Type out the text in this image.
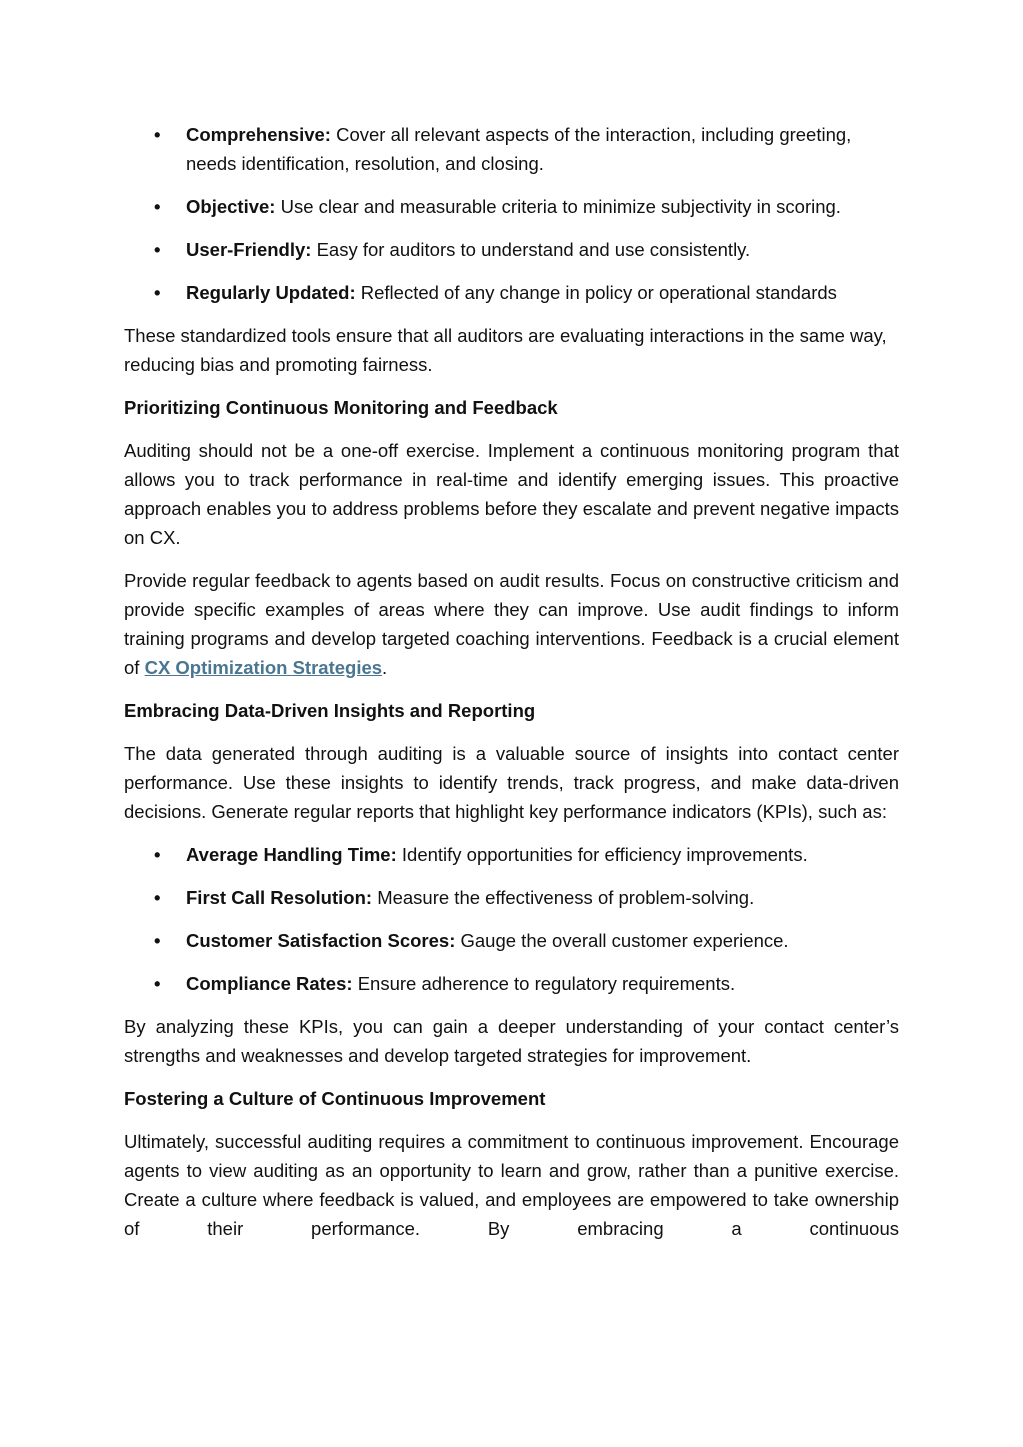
• Comprehensive: Cover all relevant aspects of the interaction, including greeting, needs identification, resolution, and closing.
• Objective: Use clear and measurable criteria to minimize subjectivity in scoring.
• User-Friendly: Easy for auditors to understand and use consistently.
• Regularly Updated: Reflected of any change in policy or operational standards

These standardized tools ensure that all auditors are evaluating interactions in the same way, reducing bias and promoting fairness.

Prioritizing Continuous Monitoring and Feedback

Auditing should not be a one-off exercise. Implement a continuous monitoring program that allows you to track performance in real-time and identify emerging issues. This proactive approach enables you to address problems before they escalate and prevent negative impacts on CX.

Provide regular feedback to agents based on audit results. Focus on constructive criticism and provide specific examples of areas where they can improve. Use audit findings to inform training programs and develop targeted coaching interventions. Feedback is a crucial element of CX Optimization Strategies.

Embracing Data-Driven Insights and Reporting

The data generated through auditing is a valuable source of insights into contact center performance. Use these insights to identify trends, track progress, and make data-driven decisions. Generate regular reports that highlight key performance indicators (KPIs), such as:

• Average Handling Time: Identify opportunities for efficiency improvements.
• First Call Resolution: Measure the effectiveness of problem-solving.
• Customer Satisfaction Scores: Gauge the overall customer experience.
• Compliance Rates: Ensure adherence to regulatory requirements.

By analyzing these KPIs, you can gain a deeper understanding of your contact center’s strengths and weaknesses and develop targeted strategies for improvement.

Fostering a Culture of Continuous Improvement

Ultimately, successful auditing requires a commitment to continuous improvement. Encourage agents to view auditing as an opportunity to learn and grow, rather than a punitive exercise. Create a culture where feedback is valued, and employees are empowered to take ownership of their performance. By embracing a continuous
